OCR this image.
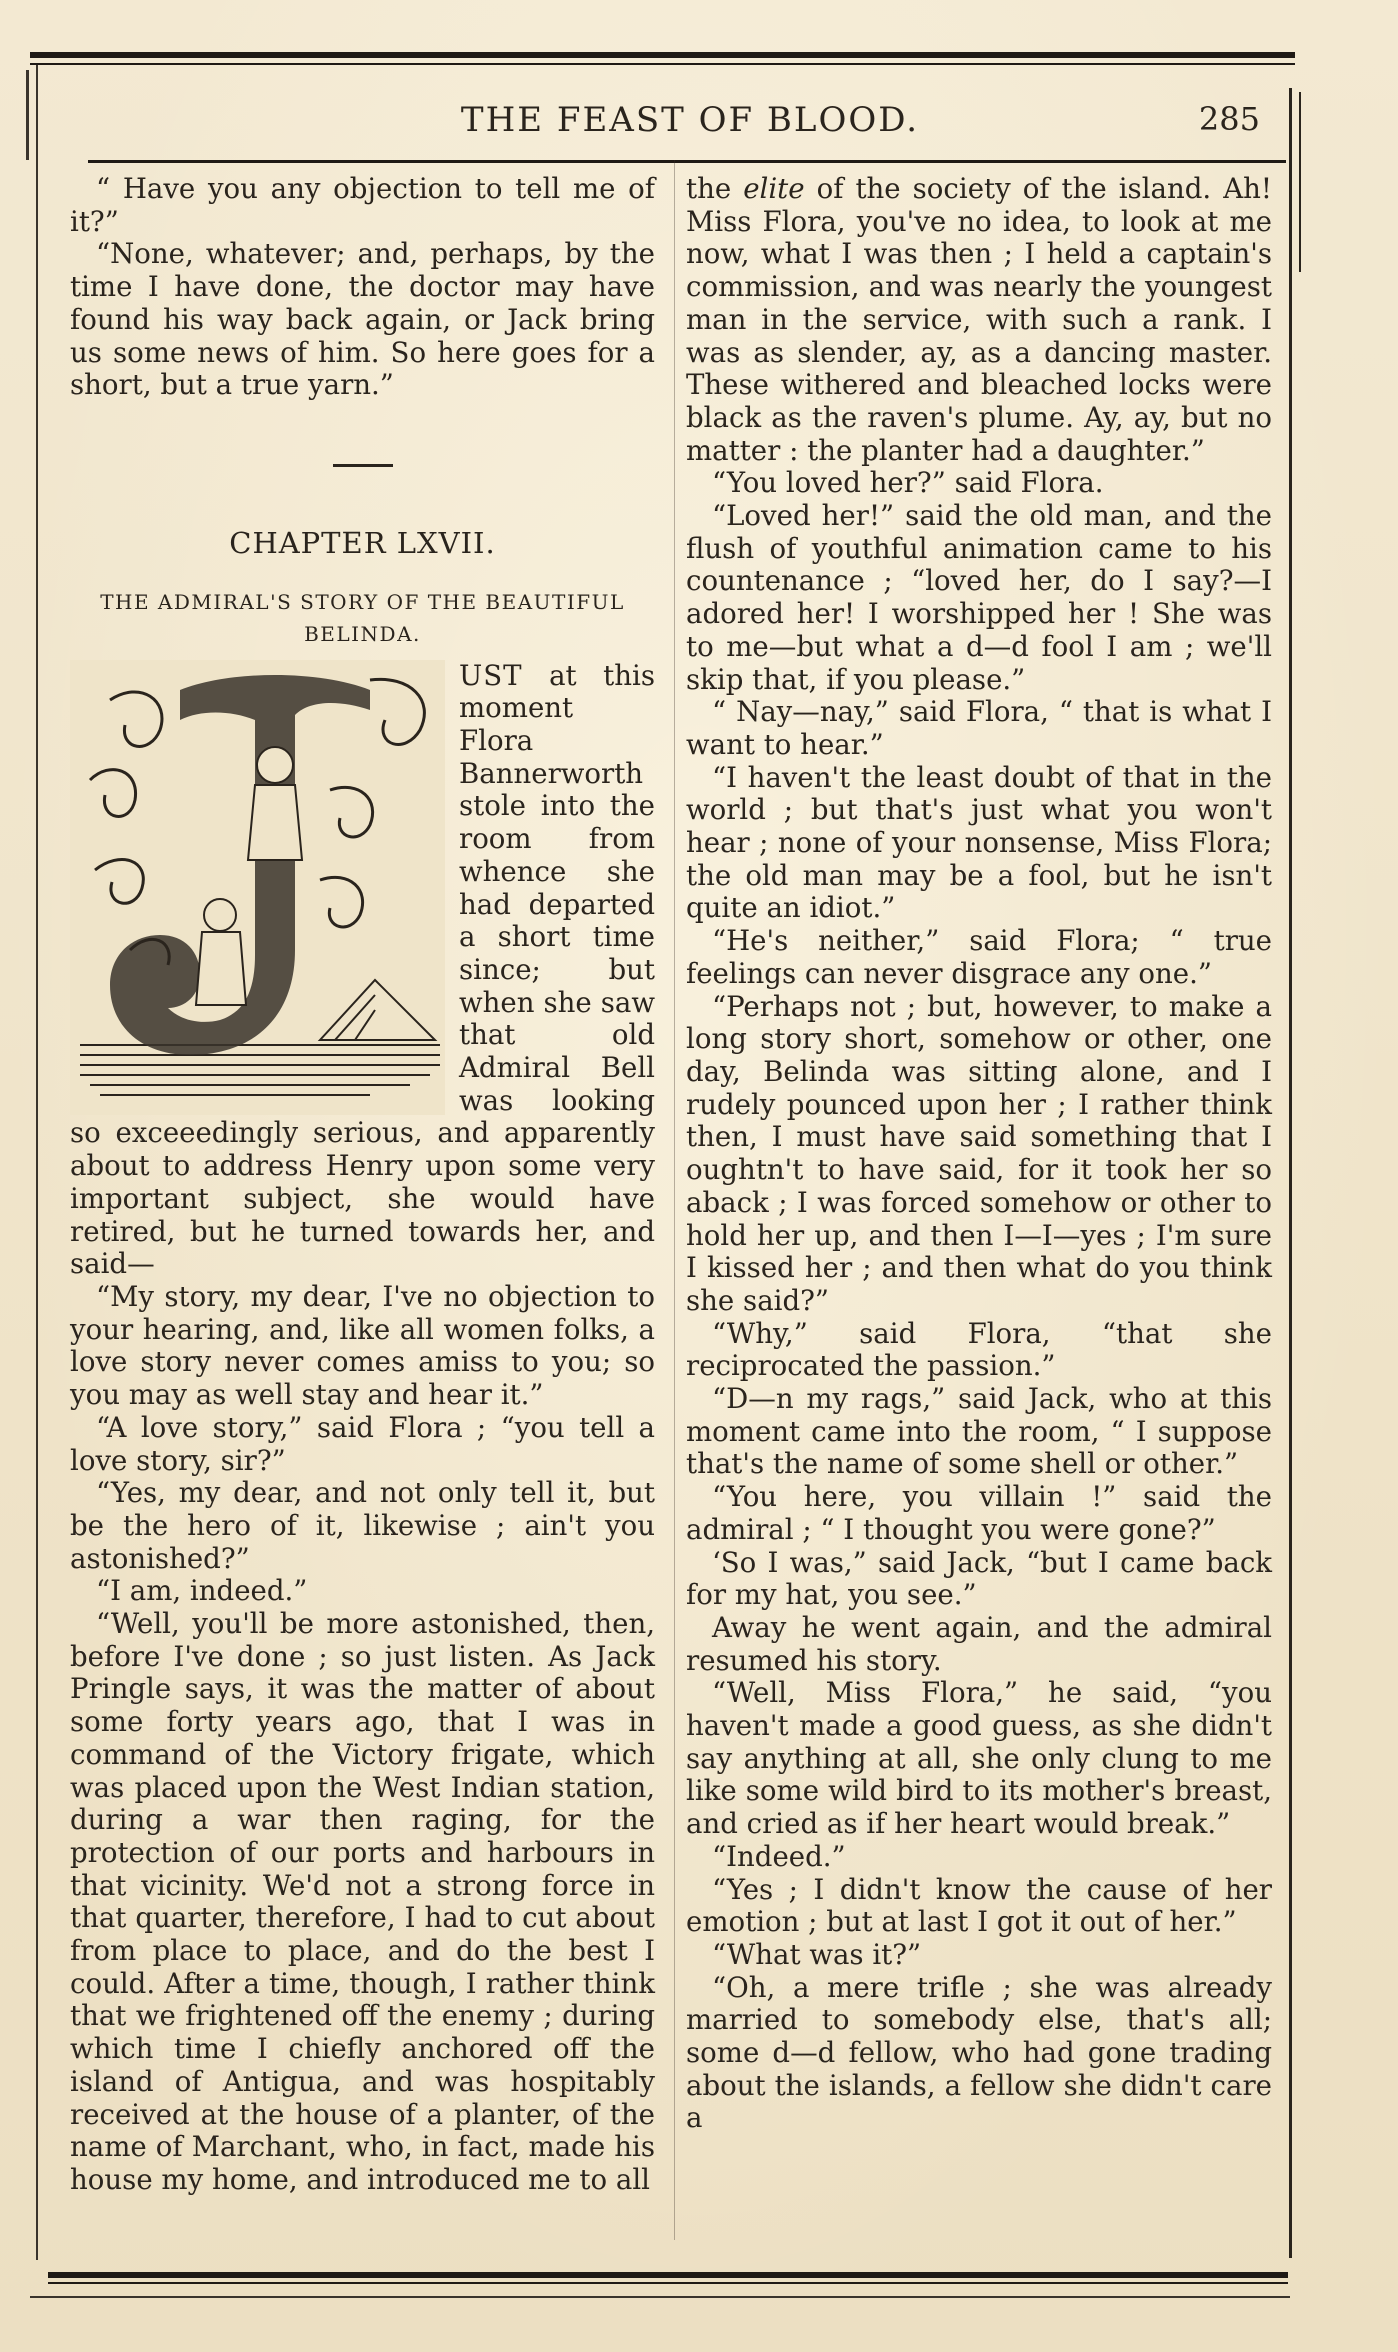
THE FEAST OF BLOOD.	285

“ Have you any objection to tell me of it?”

“None, whatever; and, perhaps, by the time I have done, the doctor may have found his way back again, or Jack bring us some news of him. So here goes for a short, but a true yarn.”

CHAPTER LXVII.
THE ADMIRAL'S STORY OF THE BEAUTIFUL BELINDA.

UST at this moment Flora Bannerworth stole into the room from whence she had departed a short time since; but when she saw that old Admiral Bell was looking so exceeedingly serious, and apparently about to address Henry upon some very important subject, she would have retired, but he turned towards her, and said—

“My story, my dear, I've no objection to your hearing, and, like all women folks, a love story never comes amiss to you; so you may as well stay and hear it.”

“A love story,” said Flora ; “you tell a love story, sir?”

“Yes, my dear, and not only tell it, but be the hero of it, likewise ; ain't you astonished?”

“I am, indeed.”

“Well, you'll be more astonished, then, before I've done ; so just listen. As Jack Pringle says, it was the matter of about some forty years ago, that I was in command of the Victory frigate, which was placed upon the West Indian station, during a war then raging, for the protection of our ports and harbours in that vicinity. We'd not a strong force in that quarter, therefore, I had to cut about from place to place, and do the best I could. After a time, though, I rather think that we frightened off the enemy ; during which time I chiefly anchored off the island of Antigua, and was hospitably received at the house of a planter, of the name of Marchant, who, in fact, made his house my home, and introduced me to all

the elite of the society of the island. Ah! Miss Flora, you've no idea, to look at me now, what I was then ; I held a captain's commission, and was nearly the youngest man in the service, with such a rank. I was as slender, ay, as a dancing master. These withered and bleached locks were black as the raven's plume. Ay, ay, but no matter : the planter had a daughter.”

“You loved her?” said Flora.

“Loved her!” said the old man, and the flush of youthful animation came to his countenance ; “loved her, do I say?—I adored her! I worshipped her ! She was to me—but what a d—d fool I am ; we'll skip that, if you please.”

“ Nay—nay,” said Flora, “ that is what I want to hear.”

“I haven't the least doubt of that in the world ; but that's just what you won't hear ; none of your nonsense, Miss Flora; the old man may be a fool, but he isn't quite an idiot.”

“He's neither,” said Flora; “ true feelings can never disgrace any one.”

“Perhaps not ; but, however, to make a long story short, somehow or other, one day, Belinda was sitting alone, and I rudely pounced upon her ; I rather think then, I must have said something that I oughtn't to have said, for it took her so aback ; I was forced somehow or other to hold her up, and then I—I—yes ; I'm sure I kissed her ; and then what do you think she said?”

“Why,” said Flora, “that she reciprocated the passion.”

“D—n my rags,” said Jack, who at this moment came into the room, “ I suppose that's the name of some shell or other.”

“You here, you villain !” said the admiral ; “ I thought you were gone?”

‘So I was,” said Jack, “but I came back for my hat, you see.”

Away he went again, and the admiral resumed his story.

“Well, Miss Flora,” he said, “you haven't made a good guess, as she didn't say anything at all, she only clung to me like some wild bird to its mother's breast, and cried as if her heart would break.”

“Indeed.”

“Yes ; I didn't know the cause of her emotion ; but at last I got it out of her.”

“What was it?”

“Oh, a mere trifle ; she was already married to somebody else, that's all; some d—d fellow, who had gone trading about the islands, a fellow she didn't care a
